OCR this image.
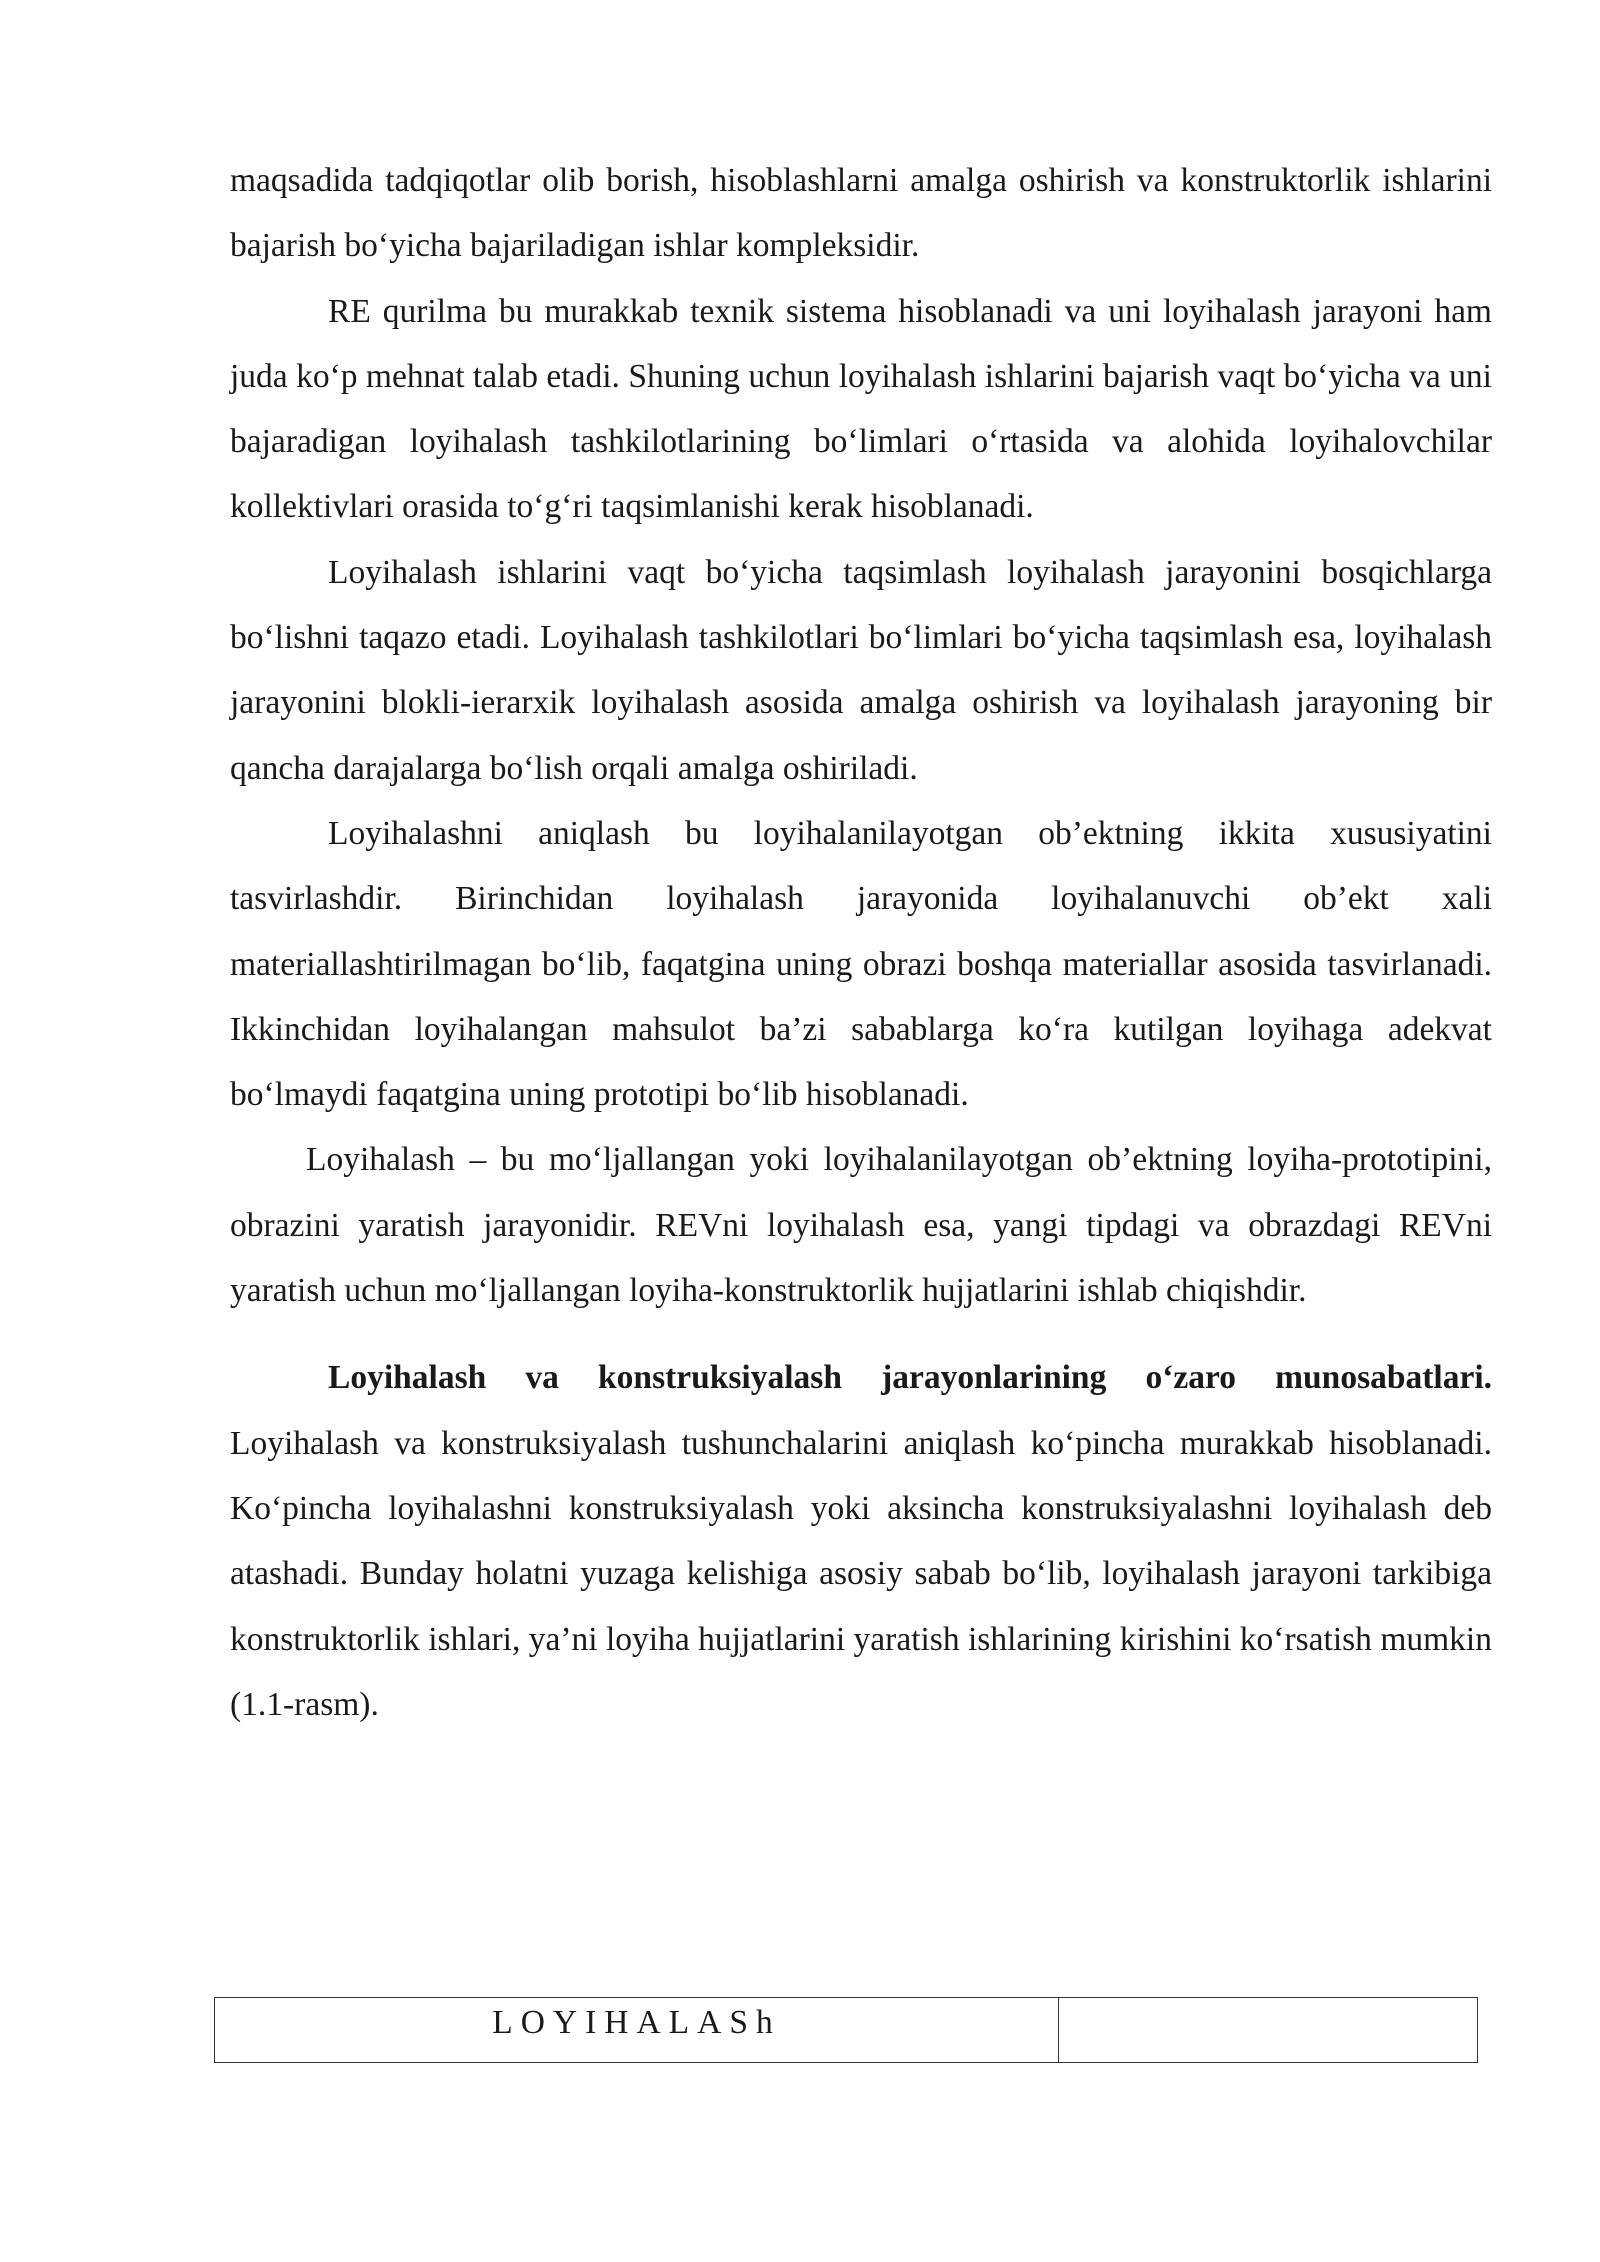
maqsadida tadqiqotlar olib borish, hisoblashlarni amalga oshirish va konstruktorlik ishlarini bajarish bo‘yicha bajariladigan ishlar kompleksidir.

RE qurilma bu murakkab texnik sistema hisoblanadi va uni loyihalash jarayoni ham juda ko‘p mehnat talab etadi. Shuning uchun loyihalash ishlarini bajarish vaqt bo‘yicha va uni bajaradigan loyihalash tashkilotlarining bo‘limlari o‘rtasida va alohida loyihalovchilar kollektivlari orasida to‘g‘ri taqsimlanishi kerak hisoblanadi.

Loyihalash ishlarini vaqt bo‘yicha taqsimlash loyihalash jarayonini bosqichlarga bo‘lishni taqazo etadi. Loyihalash tashkilotlari bo‘limlari bo‘yicha taqsimlash esa, loyihalash jarayonini blokli-ierarxik loyihalash asosida amalga oshirish va loyihalash jarayoning bir qancha darajalarga bo‘lish orqali amalga oshiriladi.

Loyihalashni aniqlash bu loyihalanilayotgan ob’ektning ikkita xususiyatini tasvirlashdir. Birinchidan loyihalash jarayonida loyihalanuvchi ob’ekt xali materiallashtirilmagan bo‘lib, faqatgina uning obrazi boshqa materiallar asosida tasvirlanadi. Ikkinchidan loyihalangan mahsulot ba’zi sabablarga ko‘ra kutilgan loyihaga adekvat bo‘lmaydi faqatgina uning prototipi bo‘lib hisoblanadi.

Loyihalash – bu mo‘ljallangan yoki loyihalanilayotgan ob’ektning loyiha-prototipini, obrazini yaratish jarayonidir. REVni loyihalash esa, yangi tipdagi va obrazdagi REVni yaratish uchun mo‘ljallangan loyiha-konstruktorlik hujjatlarini ishlab chiqishdir.

Loyihalash va konstruksiyalash jarayonlarining o‘zaro munosabatlari. Loyihalash va konstruksiyalash tushunchalarini aniqlash ko‘pincha murakkab hisoblanadi. Ko‘pincha loyihalashni konstruksiyalash yoki aksincha konstruksiyalashni loyihalash deb atashadi. Bunday holatni yuzaga kelishiga asosiy sabab bo‘lib, loyihalash jarayoni tarkibiga konstruktorlik ishlari, ya’ni loyiha hujjatlarini yaratish ishlarining kirishini ko‘rsatish mumkin (1.1-rasm).

LOYIHALASh
